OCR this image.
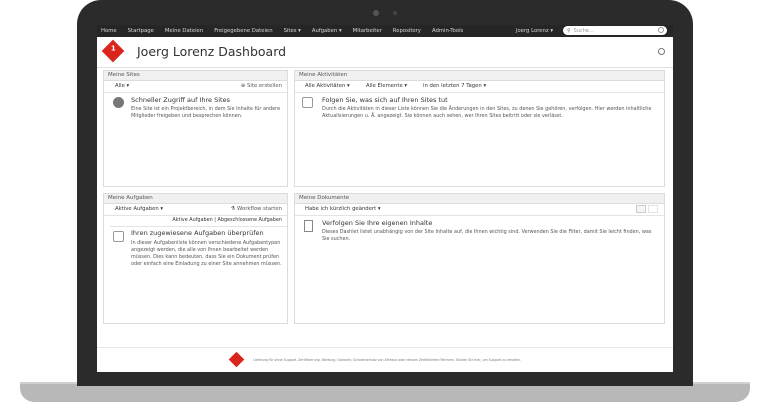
Home Startpage Meine Dateien Freigegebene Dateien Sites ▾ Aufgaben ▾ Mitarbeiter Repository Admin-Tools	Joerg Lorenz ▾	⚲ Suche...
1 Joerg Lorenz Dashboard
Meine Sites
Alle ▾	⊕ Site erstellen
Schneller Zugriff auf Ihre Sites
Eine Site ist ein Projektbereich, in dem Sie Inhalte für andere Mitglieder freigeben und besprechen können.
Meine Aktivitäten
Alle Aktivitäten ▾	Alle Elemente ▾	in den letzten 7 Tagen ▾
Folgen Sie, was sich auf Ihren Sites tut
Durch die Aktivitäten in dieser Liste können Sie die Änderungen in den Sites, zu denen Sie gehören, verfolgen. Hier werden inhaltliche Aktualisierungen u. Ä. angezeigt. Sie können auch sehen, wer Ihren Sites beitritt oder sie verlässt.
Meine Aufgaben
Aktive Aufgaben ▾	⚗ Workflow starten
Aktive Aufgaben | Abgeschlossene Aufgaben
Ihren zugewiesene Aufgaben überprüfen
In dieser Aufgabenliste können verschiedene Aufgabentypen angezeigt werden, die alle von Ihnen bearbeitet werden müssen. Dies kann bedeuten, dass Sie ein Dokument prüfen oder einfach eine Einladung zu einer Site annehmen müssen.
Meine Dokumente
Habe ich kürzlich geändert ▾
Verfolgen Sie Ihre eigenen Inhalte
Dieses Dashlet listet unabhängig von der Site Inhalte auf, die Ihnen wichtig sind. Verwenden Sie die Filter, damit Sie leicht finden, was Sie suchen.
Lieferung für ohne Support. Zertifizierung, Wartung, Garantie, Schadenersatz von Alfresco oder dessen Zertifizierten Partnern. Klicken Sie hier, um Support zu erhalten.
